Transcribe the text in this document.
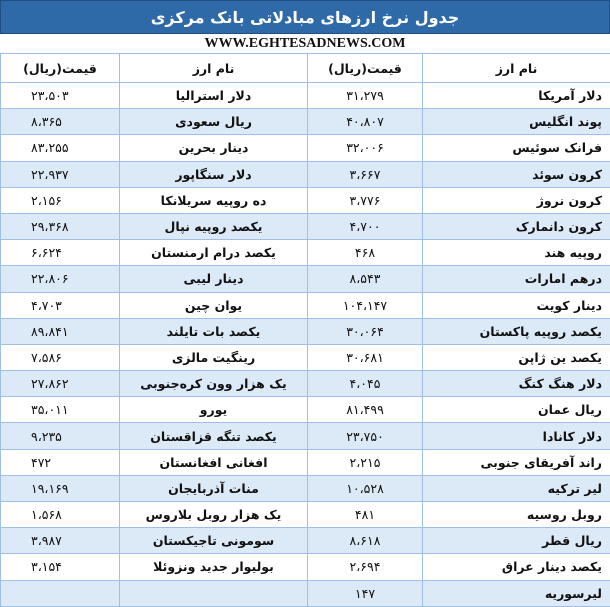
جدول نرخ ارزهای مبادلاتی بانک مرکزی
WWW.EGHTESADNEWS.COM
نام ارز	قیمت(ریال)	نام ارز	قیمت(ریال)
دلار آمریکا	۳۱،۲۷۹	دلار استرالیا	۲۳،۵۰۳
پوند انگلیس	۴۰،۸۰۷	ریال سعودی	۸،۳۶۵
فرانک سوئیس	۳۲،۰۰۶	دینار بحرین	۸۳،۲۵۵
کرون سوئد	۳،۶۶۷	دلار سنگاپور	۲۲،۹۳۷
کرون نروژ	۳،۷۷۶	ده روپیه سریلانکا	۲،۱۵۶
کرون دانمارک	۴،۷۰۰	یکصد روپیه نپال	۲۹،۳۶۸
روپیه هند	۴۶۸	یکصد درام ارمنستان	۶،۶۲۴
درهم امارات	۸،۵۴۳	دینار لیبی	۲۲،۸۰۶
دینار کویت	۱۰۴،۱۴۷	یوان چین	۴،۷۰۳
یکصد روپیه پاکستان	۳۰،۰۶۴	یکصد بات تایلند	۸۹،۸۴۱
یکصد ین ژاپن	۳۰،۶۸۱	رینگیت مالزی	۷،۵۸۶
دلار هنگ کنگ	۴،۰۴۵	یک هزار وون کره‌جنوبی	۲۷،۸۶۲
ریال عمان	۸۱،۴۹۹	یورو	۳۵،۰۱۱
دلار کانادا	۲۳،۷۵۰	یکصد تنگه قزاقستان	۹،۲۳۵
راند آفریقای جنوبی	۲،۲۱۵	افغانی افغانستان	۴۷۲
لیر ترکیه	۱۰،۵۲۸	منات آذربایجان	۱۹،۱۶۹
روبل روسیه	۴۸۱	یک هزار روبل بلاروس	۱،۵۶۸
ریال قطر	۸،۶۱۸	سومونی تاجیکستان	۳،۹۸۷
یکصد دینار عراق	۲،۶۹۴	بولیوار جدید ونزوئلا	۳،۱۵۴
لیرسوریه	۱۴۷		
